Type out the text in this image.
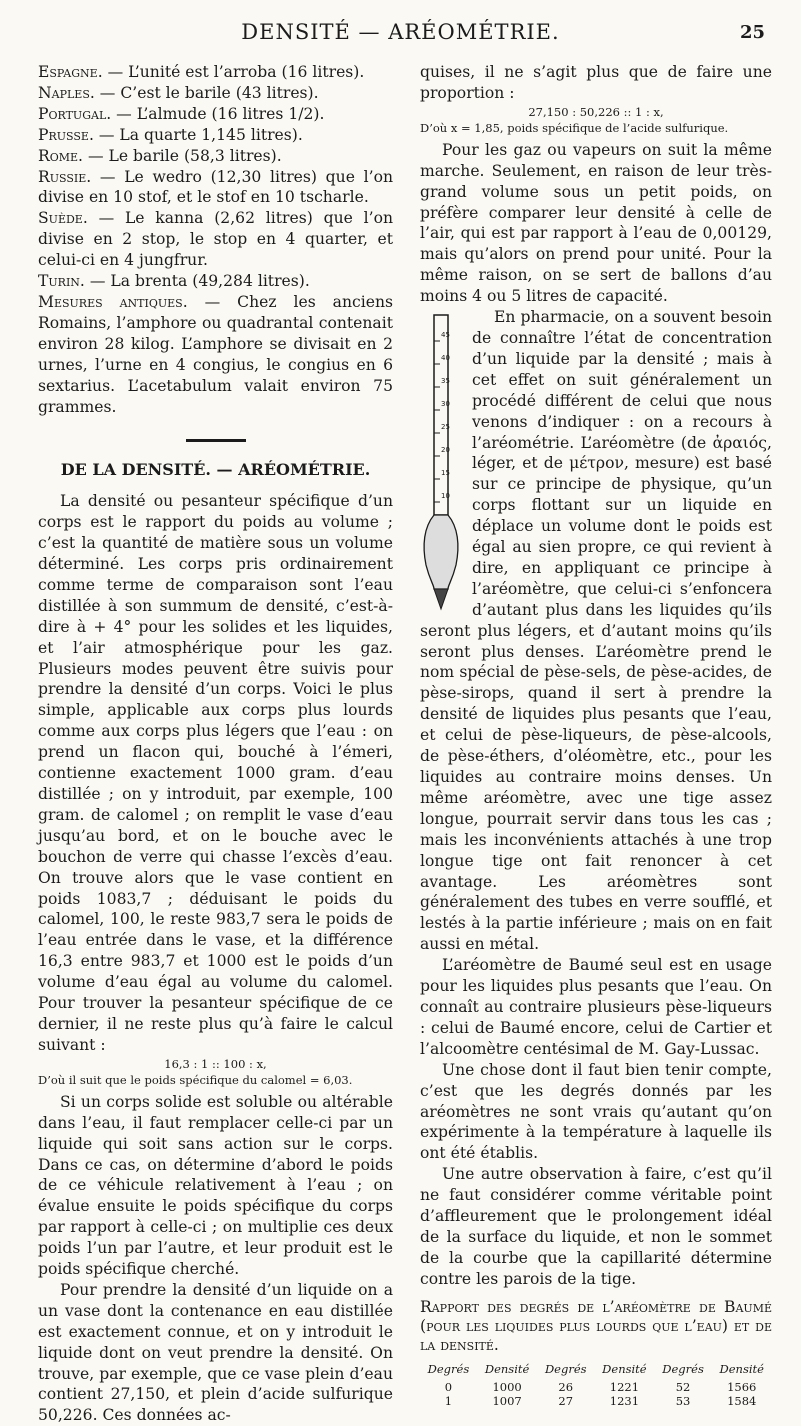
DENSITÉ — ARÉOMÉTRIE.	25

Espagne. — L’unité est l’arroba (16 litres).

Naples. — C’est le barile (43 litres).

Portugal. — L’almude (16 litres 1/2).

Prusse. — La quarte 1,145 litres).

Rome. — Le barile (58,3 litres).

Russie. — Le wedro (12,30 litres) que l’on divise en 10 stof, et le stof en 10 tscharle.

Suède. — Le kanna (2,62 litres) que l’on divise en 2 stop, le stop en 4 quarter, et celui-ci en 4 jungfrur.

Turin. — La brenta (49,284 litres).

Mesures antiques. — Chez les anciens Romains, l’amphore ou quadrantal contenait environ 28 kilog. L’amphore se divisait en 2 urnes, l’urne en 4 congius, le congius en 6 sextarius. L’acetabulum valait environ 75 grammes.

DE LA DENSITÉ. — ARÉOMÉTRIE.

La densité ou pesanteur spécifique d’un corps est le rapport du poids au volume ; c’est la quantité de matière sous un volume déterminé. Les corps pris ordinairement comme terme de comparaison sont l’eau distillée à son summum de densité, c’est-à-dire à + 4° pour les solides et les liquides, et l’air atmosphérique pour les gaz. Plusieurs modes peuvent être suivis pour prendre la densité d’un corps. Voici le plus simple, applicable aux corps plus lourds comme aux corps plus légers que l’eau : on prend un flacon qui, bouché à l’émeri, contienne exactement 1000 gram. d’eau distillée ; on y introduit, par exemple, 100 gram. de calomel ; on remplit le vase d’eau jusqu’au bord, et on le bouche avec le bouchon de verre qui chasse l’excès d’eau. On trouve alors que le vase contient en poids 1083,7 ; déduisant le poids du calomel, 100, le reste 983,7 sera le poids de l’eau entrée dans le vase, et la différence 16,3 entre 983,7 et 1000 est le poids d’un volume d’eau égal au volume du calomel. Pour trouver la pesanteur spécifique de ce dernier, il ne reste plus qu’à faire le calcul suivant :

16,3 : 1 :: 100 : x,

D’où il suit que le poids spécifique du calomel = 6,03.

Si un corps solide est soluble ou altérable dans l’eau, il faut remplacer celle-ci par un liquide qui soit sans action sur le corps. Dans ce cas, on détermine d’abord le poids de ce véhicule relativement à l’eau ; on évalue ensuite le poids spécifique du corps par rapport à celle-ci ; on multiplie ces deux poids l’un par l’autre, et leur produit est le poids spécifique cherché.

Pour prendre la densité d’un liquide on a un vase dont la contenance en eau distillée est exactement connue, et on y introduit le liquide dont on veut prendre la densité. On trouve, par exemple, que ce vase plein d’eau contient 27,150, et plein d’acide sulfurique 50,226. Ces données ac-

quises, il ne s’agit plus que de faire une proportion :

27,150 : 50,226 :: 1 : x,

D’où x = 1,85, poids spécifique de l’acide sulfurique.

Pour les gaz ou vapeurs on suit la même marche. Seulement, en raison de leur très-grand volume sous un petit poids, on préfère comparer leur densité à celle de l’air, qui est par rapport à l’eau de 0,00129, mais qu’alors on prend pour unité. Pour la même raison, on se sert de ballons d’au moins 4 ou 5 litres de capacité.

45
40
35
30
25
20
15
10

En pharmacie, on a souvent besoin de connaître l’état de concentration d’un liquide par la densité ; mais à cet effet on suit généralement un procédé différent de celui que nous venons d’indiquer : on a recours à l’aréométrie. L’aréomètre (de ἀραιός, léger, et de μέτρον, mesure) est basé sur ce principe de physique, qu’un corps flottant sur un liquide en déplace un volume dont le poids est égal au sien propre, ce qui revient à dire, en appliquant ce principe à l’aréomètre, que celui-ci s’enfoncera d’autant plus dans les liquides qu’ils seront plus légers, et d’autant moins qu’ils seront plus denses. L’aréomètre prend le nom spécial de pèse-sels, de pèse-acides, de pèse-sirops, quand il sert à prendre la densité de liquides plus pesants que l’eau, et celui de pèse-liqueurs, de pèse-alcools, de pèse-éthers, d’oléomètre, etc., pour les liquides au contraire moins denses. Un même aréomètre, avec une tige assez longue, pourrait servir dans tous les cas ; mais les inconvénients attachés à une trop longue tige ont fait renoncer à cet avantage. Les aréomètres sont généralement des tubes en verre soufflé, et lestés à la partie inférieure ; mais on en fait aussi en métal.

L’aréomètre de Baumé seul est en usage pour les liquides plus pesants que l’eau. On connaît au contraire plusieurs pèse-liqueurs : celui de Baumé encore, celui de Cartier et l’alcoomètre centésimal de M. Gay-Lussac.

Une chose dont il faut bien tenir compte, c’est que les degrés donnés par les aréomètres ne sont vrais qu’autant qu’on expérimente à la température à laquelle ils ont été établis.

Une autre observation à faire, c’est qu’il ne faut considérer comme véritable point d’affleurement que le prolongement idéal de la surface du liquide, et non le sommet de la courbe que la capillarité détermine contre les parois de la tige.

Rapport des degrés de l’aréomètre de Baumé (pour les liquides plus lourds que l’eau) et de la densité.

Degrés	Densité	Degrés	Densité	Degrés	Densité
0	1000	26	1221	52	1566
1	1007	27	1231	53	1584
